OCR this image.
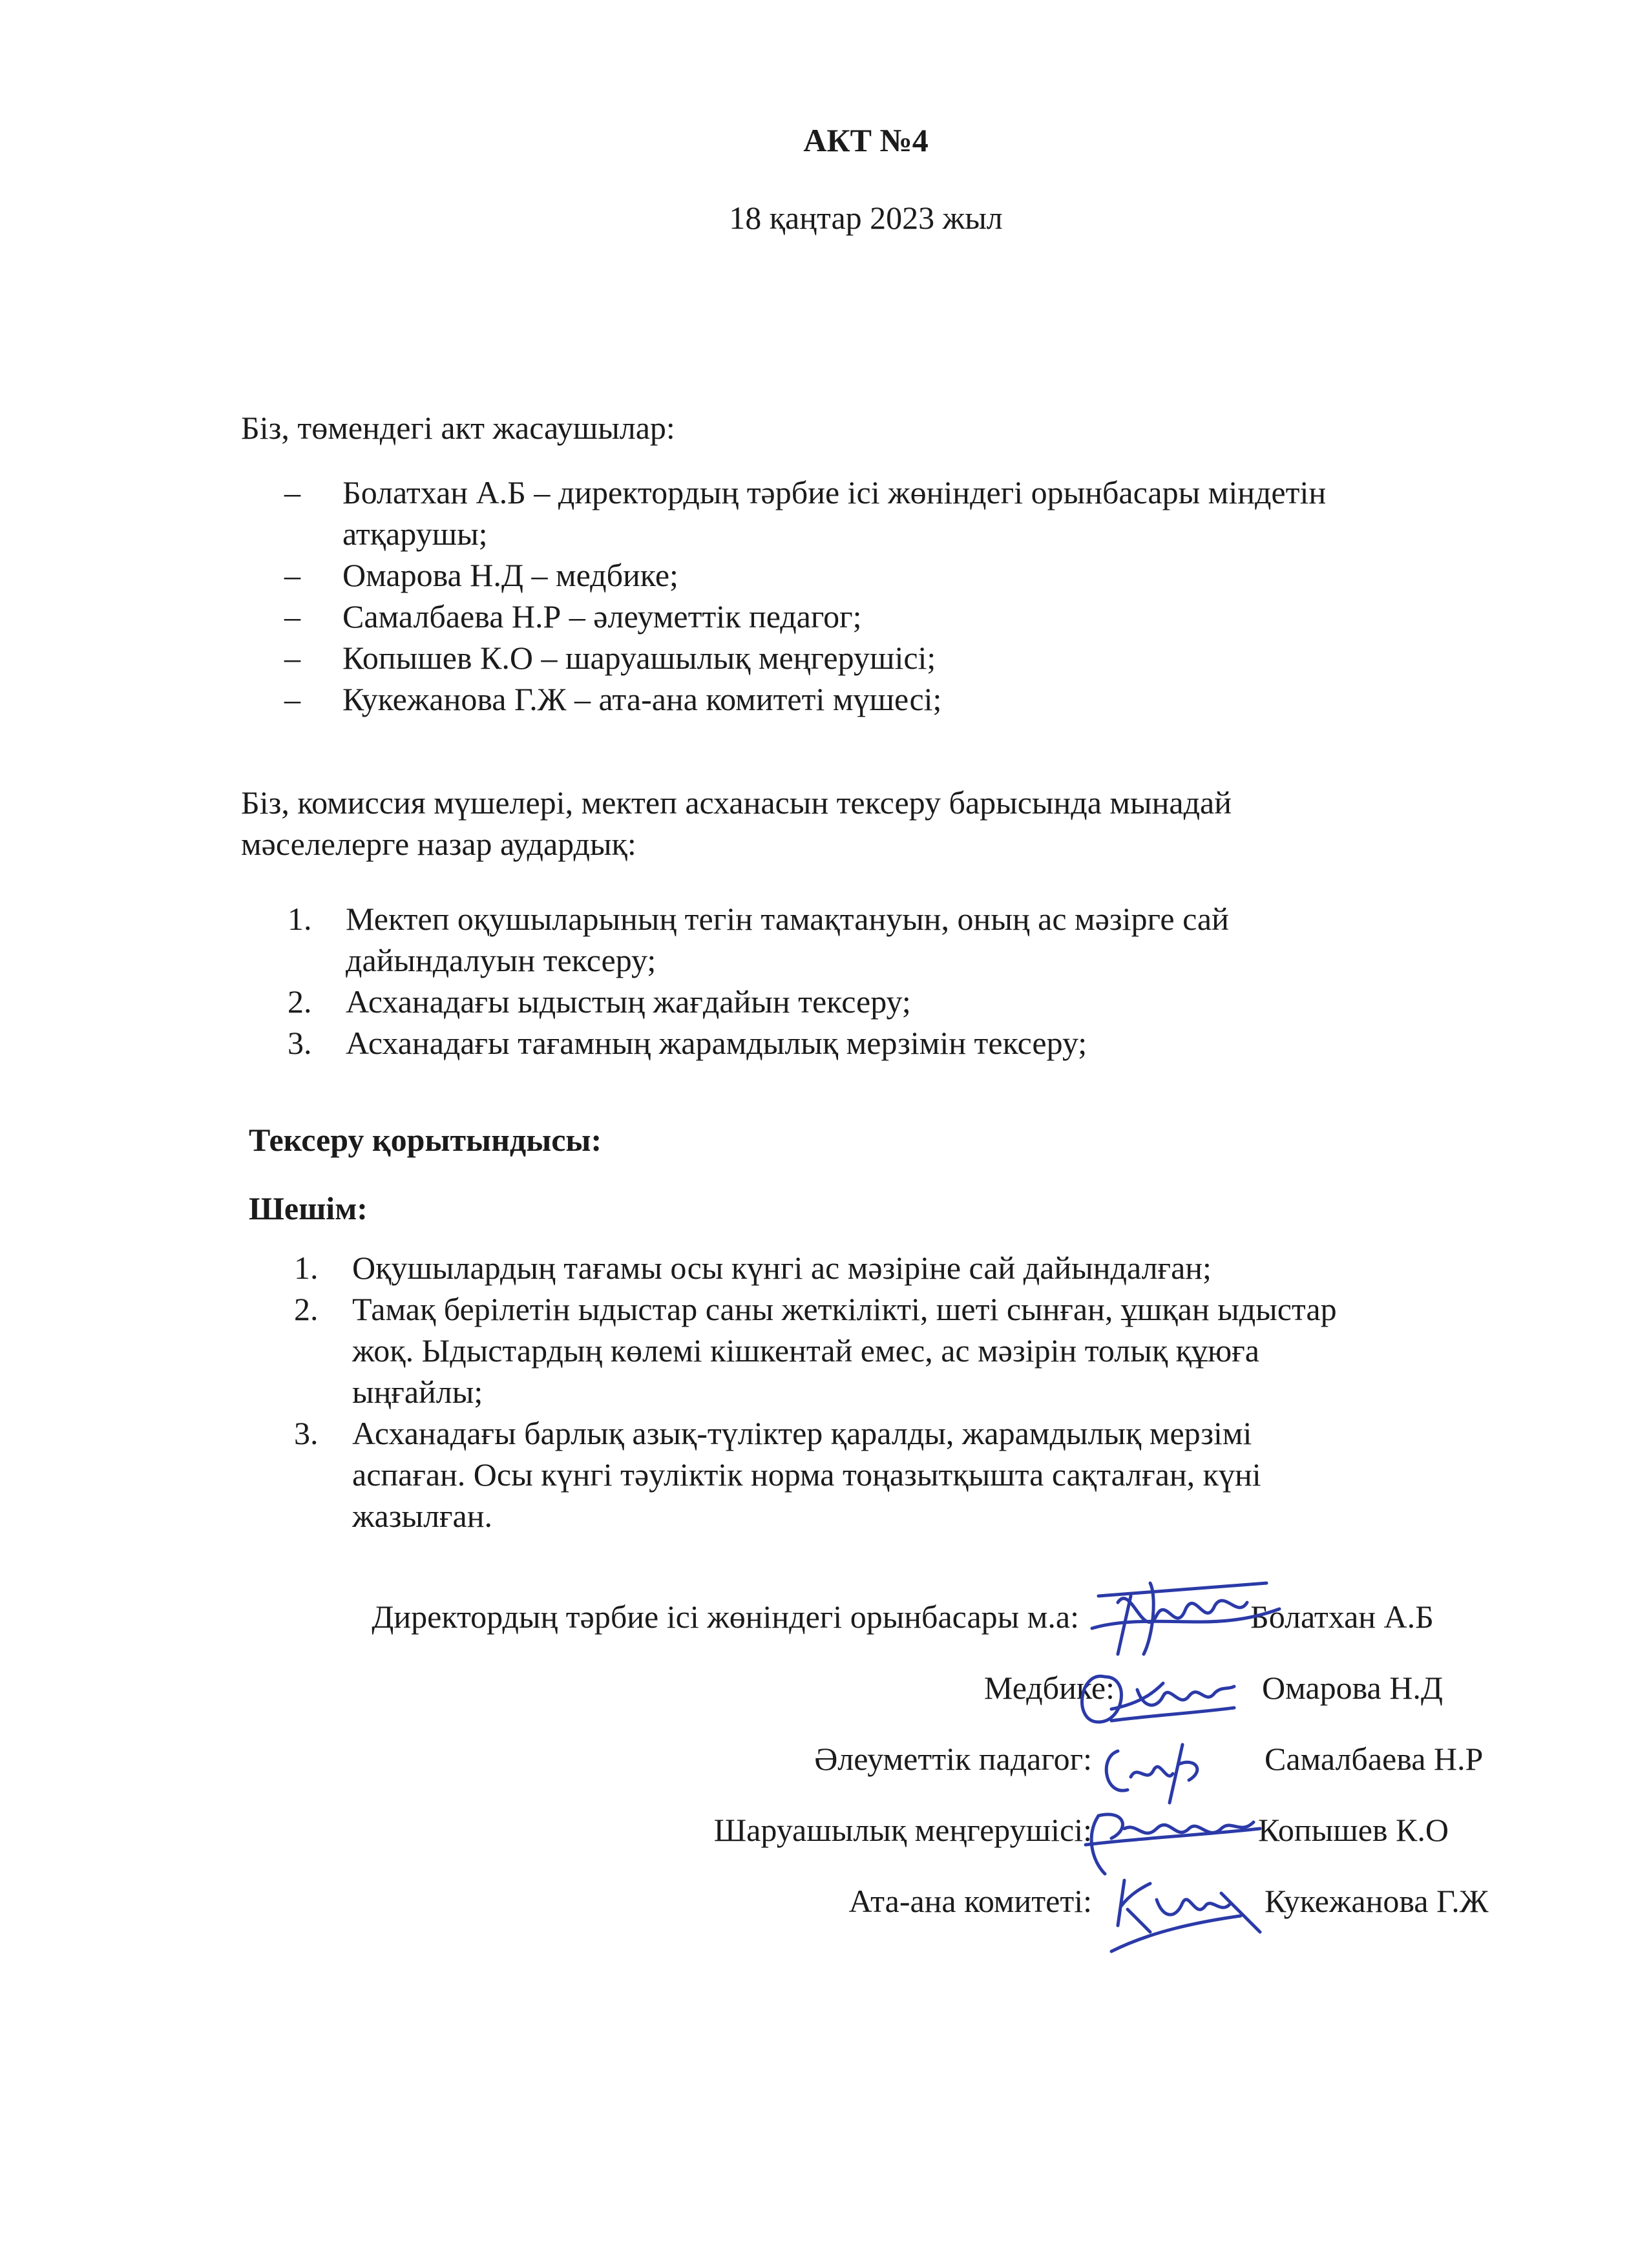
АКТ №4
18 қаңтар 2023 жыл
Біз, төмендегі акт жасаушылар:
– Болатхан А.Б – директордың тәрбие ісі жөніндегі орынбасары міндетін
атқарушы;
– Омарова Н.Д – медбике;
– Самалбаева Н.Р – әлеуметтік педагог;
– Копышев К.О – шаруашылық меңгерушісі;
– Кукежанова Г.Ж – ата-ана комитеті мүшесі;
Біз, комиссия мүшелері, мектеп асханасын тексеру барысында мынадай
мәселелерге назар аудардық:
1. Мектеп оқушыларының тегін тамақтануын, оның ас мәзірге сай
дайындалуын тексеру;
2. Асханадағы ыдыстың жағдайын тексеру;
3. Асханадағы тағамның жарамдылық мерзімін тексеру;
Тексеру қорытындысы:
Шешім:
1. Оқушылардың тағамы осы күнгі ас мәзіріне сай дайындалған;
2. Тамақ берілетін ыдыстар саны жеткілікті, шеті сынған, ұшқан ыдыстар
жоқ. Ыдыстардың көлемі кішкентай емес, ас мәзірін толық құюға
ыңғайлы;
3. Асханадағы барлық азық-түліктер қаралды, жарамдылық мерзімі
аспаған. Осы күнгі тәуліктік норма тоңазытқышта сақталған, күні
жазылған.
Директордың тәрбие ісі жөніндегі орынбасары м.а:
Медбике:
Әлеуметтік падагог:
Шаруашылық меңгерушісі:
Ата-ана комитеті:
Болатхан А.Б
Омарова Н.Д
Самалбаева Н.Р
Копышев К.О
Кукежанова Г.Ж
